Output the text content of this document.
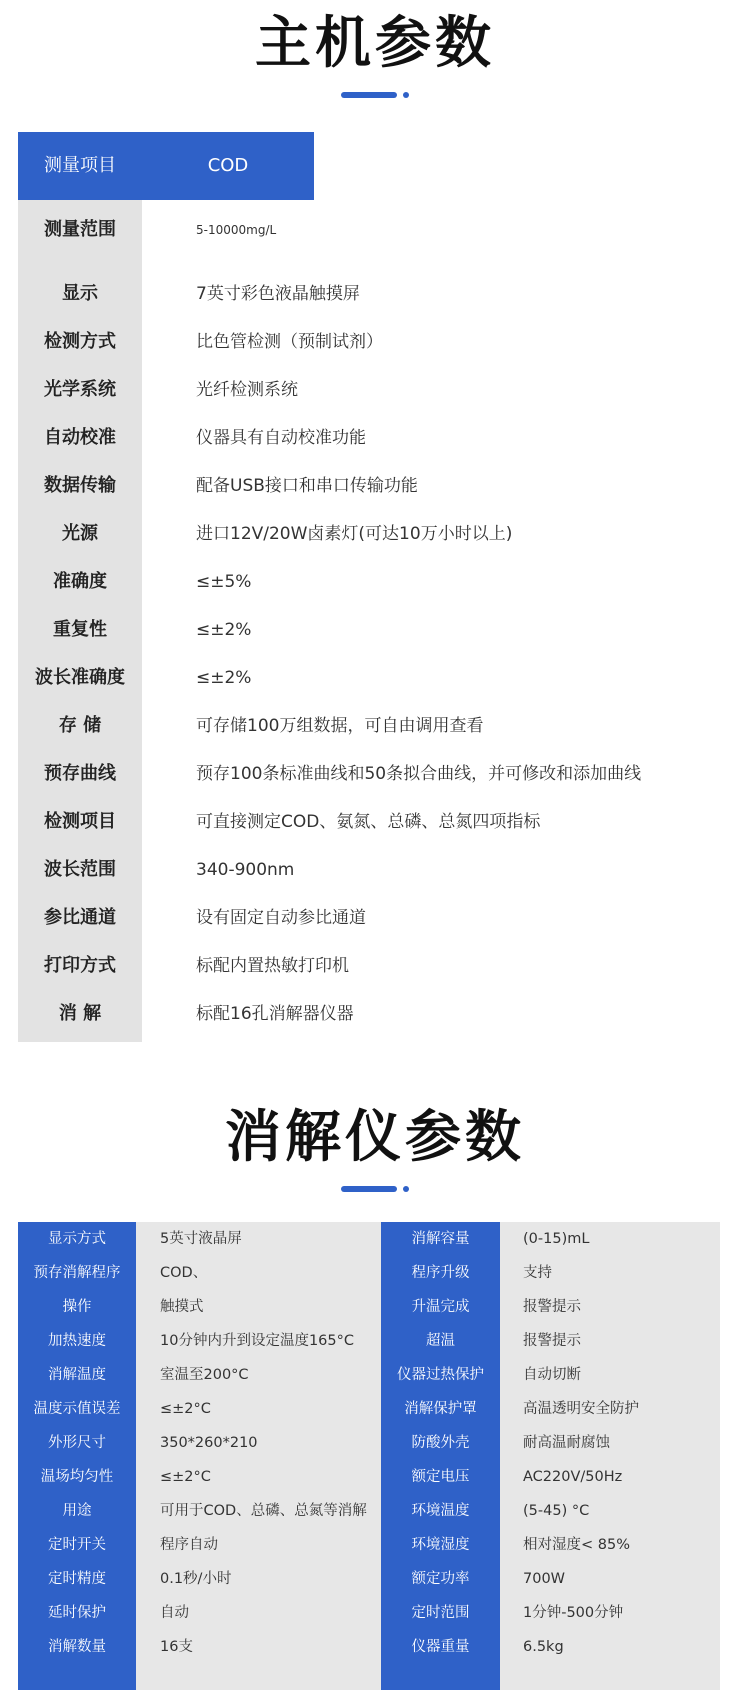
主机参数
测量项目	COD
测量范围	5-10000mg/L
显示	7英寸彩色液晶触摸屏
检测方式	比色管检测（预制试剂）
光学系统	光纤检测系统
自动校准	仪器具有自动校准功能
数据传输	配备USB接口和串口传输功能
光源	进口12V/20W卤素灯(可达10万小时以上)
准确度	≤±5%
重复性	≤±2%
波长准确度	≤±2%
存 储	可存储100万组数据，可自由调用查看
预存曲线	预存100条标准曲线和50条拟合曲线，并可修改和添加曲线
检测项目	可直接测定COD、氨氮、总磷、总氮四项指标
波长范围	340-900nm
参比通道	设有固定自动参比通道
打印方式	标配内置热敏打印机
消 解	标配16孔消解器仪器
消解仪参数
显示方式	5英寸液晶屏	消解容量	(0-15)mL
预存消解程序	COD、	程序升级	支持
操作	触摸式	升温完成	报警提示
加热速度	10分钟内升到设定温度165°C	超温	报警提示
消解温度	室温至200°C	仪器过热保护	自动切断
温度示值误差	≤±2°C	消解保护罩	高温透明安全防护
外形尺寸	350*260*210	防酸外壳	耐高温耐腐蚀
温场均匀性	≤±2°C	额定电压	AC220V/50Hz
用途	可用于COD、总磷、总氮等消解	环境温度	(5-45) °C
定时开关	程序自动	环境湿度	相对湿度< 85%
定时精度	0.1秒/小时	额定功率	700W
延时保护	自动	定时范围	1分钟-500分钟
消解数量	16支	仪器重量	6.5kg
